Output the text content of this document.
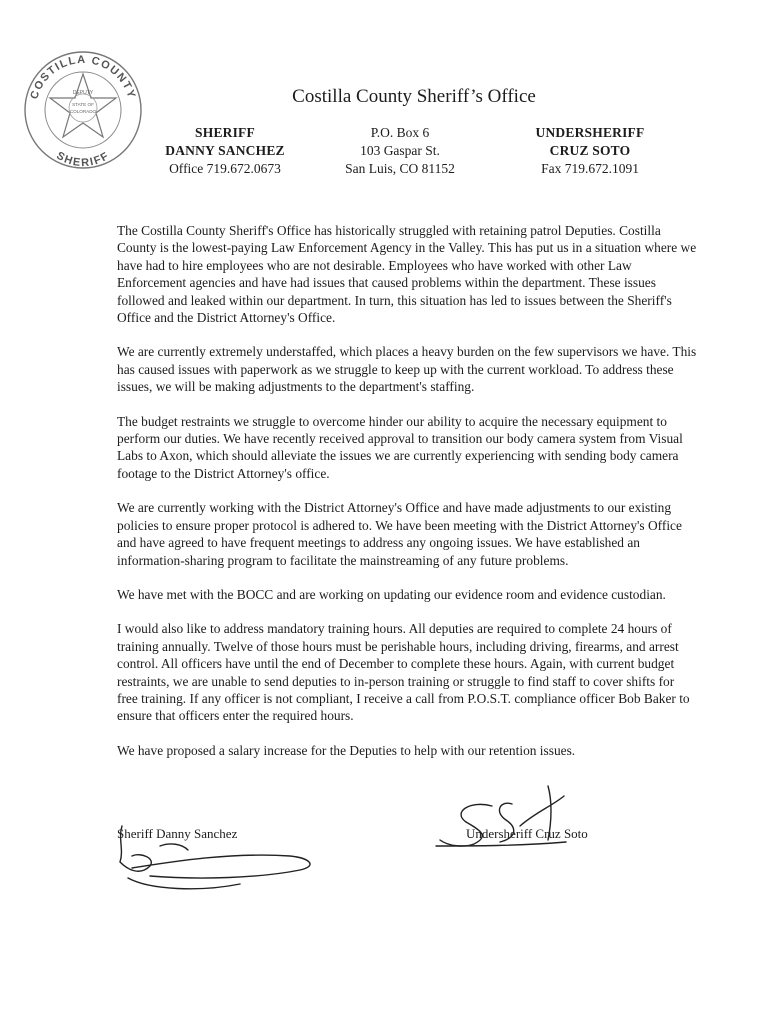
COSTILLA COUNTY
SHERIFF
DEPUTY
STATE OF
COLORADO
Costilla County Sheriff’s Office
SHERIFF
DANNY SANCHEZ
Office 719.672.0673
P.O. Box 6
103 Gaspar St.
San Luis, CO 81152
UNDERSHERIFF
CRUZ SOTO
Fax 719.672.1091

The Costilla County Sheriff's Office has historically struggled with retaining patrol Deputies. Costilla County is the lowest-paying Law Enforcement Agency in the Valley. This has put us in a situation where we have had to hire employees who are not desirable. Employees who have worked with other Law Enforcement agencies and have had issues that caused problems within the department. These issues followed and leaked within our department. In turn, this situation has led to issues between the Sheriff's Office and the District Attorney's Office.

We are currently extremely understaffed, which places a heavy burden on the few supervisors we have. This has caused issues with paperwork as we struggle to keep up with the current workload. To address these issues, we will be making adjustments to the department's staffing.

The budget restraints we struggle to overcome hinder our ability to acquire the necessary equipment to perform our duties. We have recently received approval to transition our body camera system from Visual Labs to Axon, which should alleviate the issues we are currently experiencing with sending body camera footage to the District Attorney's office.

We are currently working with the District Attorney's Office and have made adjustments to our existing policies to ensure proper protocol is adhered to. We have been meeting with the District Attorney's Office and have agreed to have frequent meetings to address any ongoing issues. We have established an information-sharing program to facilitate the mainstreaming of any future problems.

We have met with the BOCC and are working on updating our evidence room and evidence custodian.

I would also like to address mandatory training hours. All deputies are required to complete 24 hours of training annually. Twelve of those hours must be perishable hours, including driving, firearms, and arrest control. All officers have until the end of December to complete these hours. Again, with current budget restraints, we are unable to send deputies to in-person training or struggle to find staff to cover shifts for free training. If any officer is not compliant, I receive a call from P.O.S.T. compliance officer Bob Baker to ensure that officers enter the required hours.

We have proposed a salary increase for the Deputies to help with our retention issues.

Sheriff Danny Sanchez	Undersheriff Cruz Soto
